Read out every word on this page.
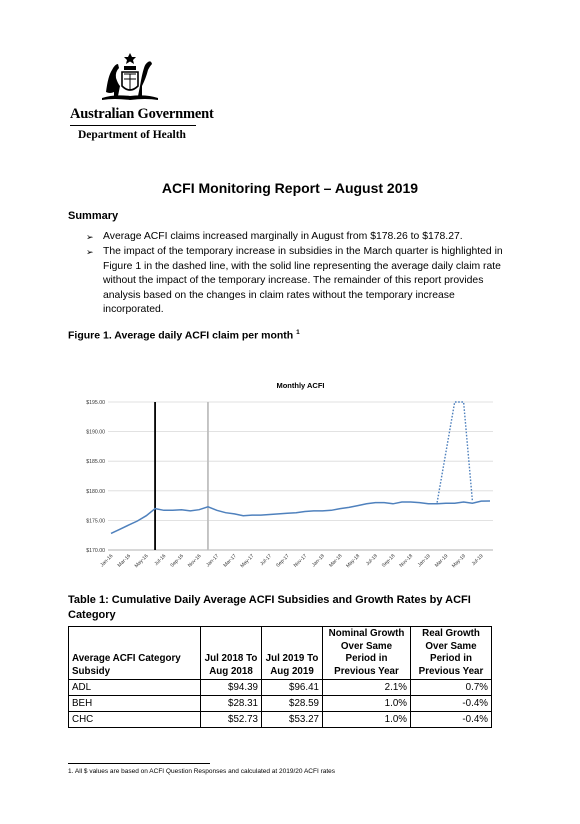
Australian Government
Department of Health
ACFI Monitoring Report – August 2019
Summary
➢ Average ACFI claims increased marginally in August from $178.26 to $178.27.
➢ The impact of the temporary increase in subsidies in the March quarter is highlighted in Figure 1 in the dashed line, with the solid line representing the average daily claim rate without the impact of the temporary increase. The remainder of this report provides analysis based on the changes in claim rates without the temporary increase incorporated.
Figure 1. Average daily ACFI claim per month $^1$
Monthly ACFI
$170.00
$175.00
$180.00
$185.00
$190.00
$195.00
Jan-16 Mar-16 May-16 Jul-16 Sep-16 Nov-16 Jan-17 Mar-17 May-17 Jul-17 Sep-17 Nov-17 Jan-18 Mar-18 May-18 Jul-18 Sep-18 Nov-18 Jan-19 Mar-19 May-19 Jul-19
Table 1: Cumulative Daily Average ACFI Subsidies and Growth Rates by ACFI Category
Average ACFI Category Subsidy	Jul 2018 To Aug 2018	Jul 2019 To Aug 2019	Nominal Growth Over Same Period in Previous Year	Real Growth Over Same Period in Previous Year
ADL	$94.39	$96.41	2.1%	0.7%
BEH	$28.31	$28.59	1.0%	-0.4%
CHC	$52.73	$53.27	1.0%	-0.4%
1. All $ values are based on ACFI Question Responses and calculated at 2019/20 ACFI rates
